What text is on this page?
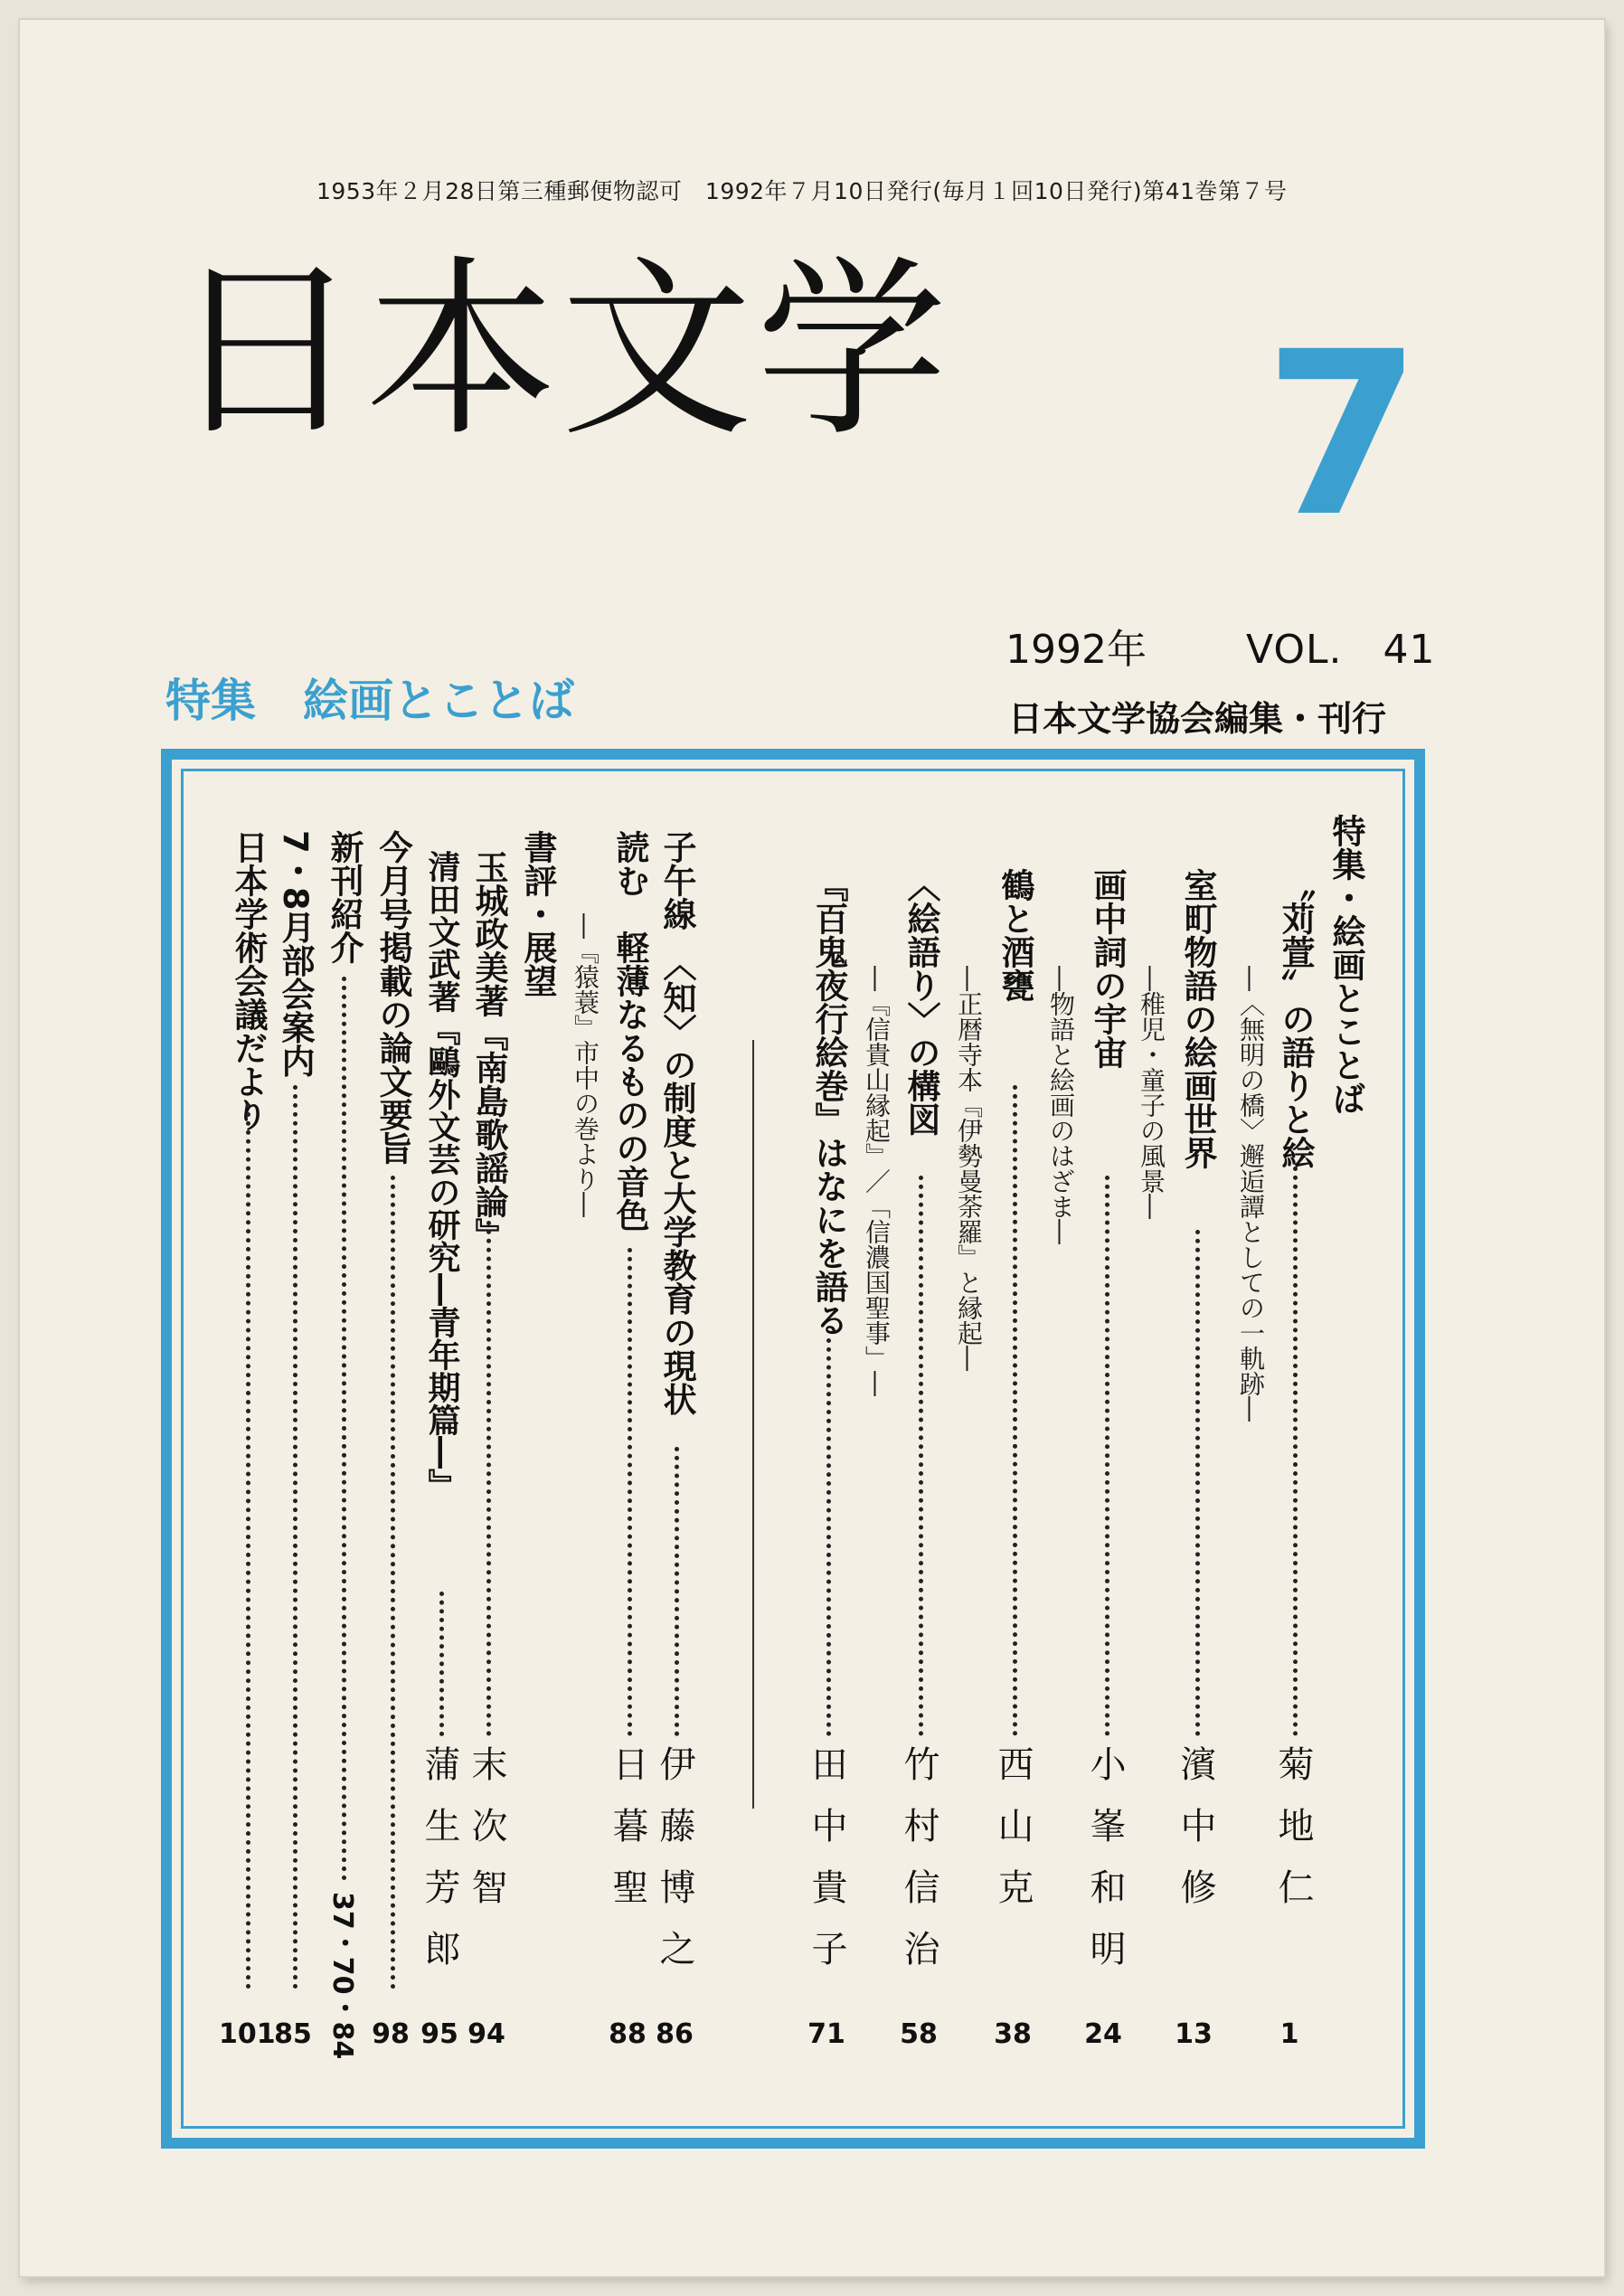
1953年２月28日第三種郵便物認可　1992年７月10日発行(毎月１回10日発行)第41巻第７号
日本文学 7
1992年	VOL.　41
特集 絵画とことば	日本文学協会編集・刊行
特集・絵画とことば
〝苅萱〟の語りと絵
―〈無明の橋〉邂逅譚としての一軌跡―
菊地仁
1
室町物語の絵画世界
―稚児・童子の風景―
濱中修
13
画中詞の宇宙
―物語と絵画のはざま―
小峯和明
24
鶴と酒甕
―正暦寺本『伊勢曼荼羅』と縁起―
西山克
38
〈絵語り〉の構図
―『信貴山縁起』／「信濃国聖事」―
竹村信治
58
『百鬼夜行絵巻』はなにを語る
田中貴子
71
子午線　〈知〉の制度と大学教育の現状
伊藤博之
86
読む　軽薄なるものの音色
―『猿蓑』市中の巻より―
日暮聖
88
書評・展望
玉城政美著『南島歌謡論』
末次智
94
清田文武著『鷗外文芸の研究―青年期篇―』
蒲生芳郎
95
今月号掲載の論文要旨
98
新刊紹介
37・70・84
7・8月部会案内
85
日本学術会議だより
101
